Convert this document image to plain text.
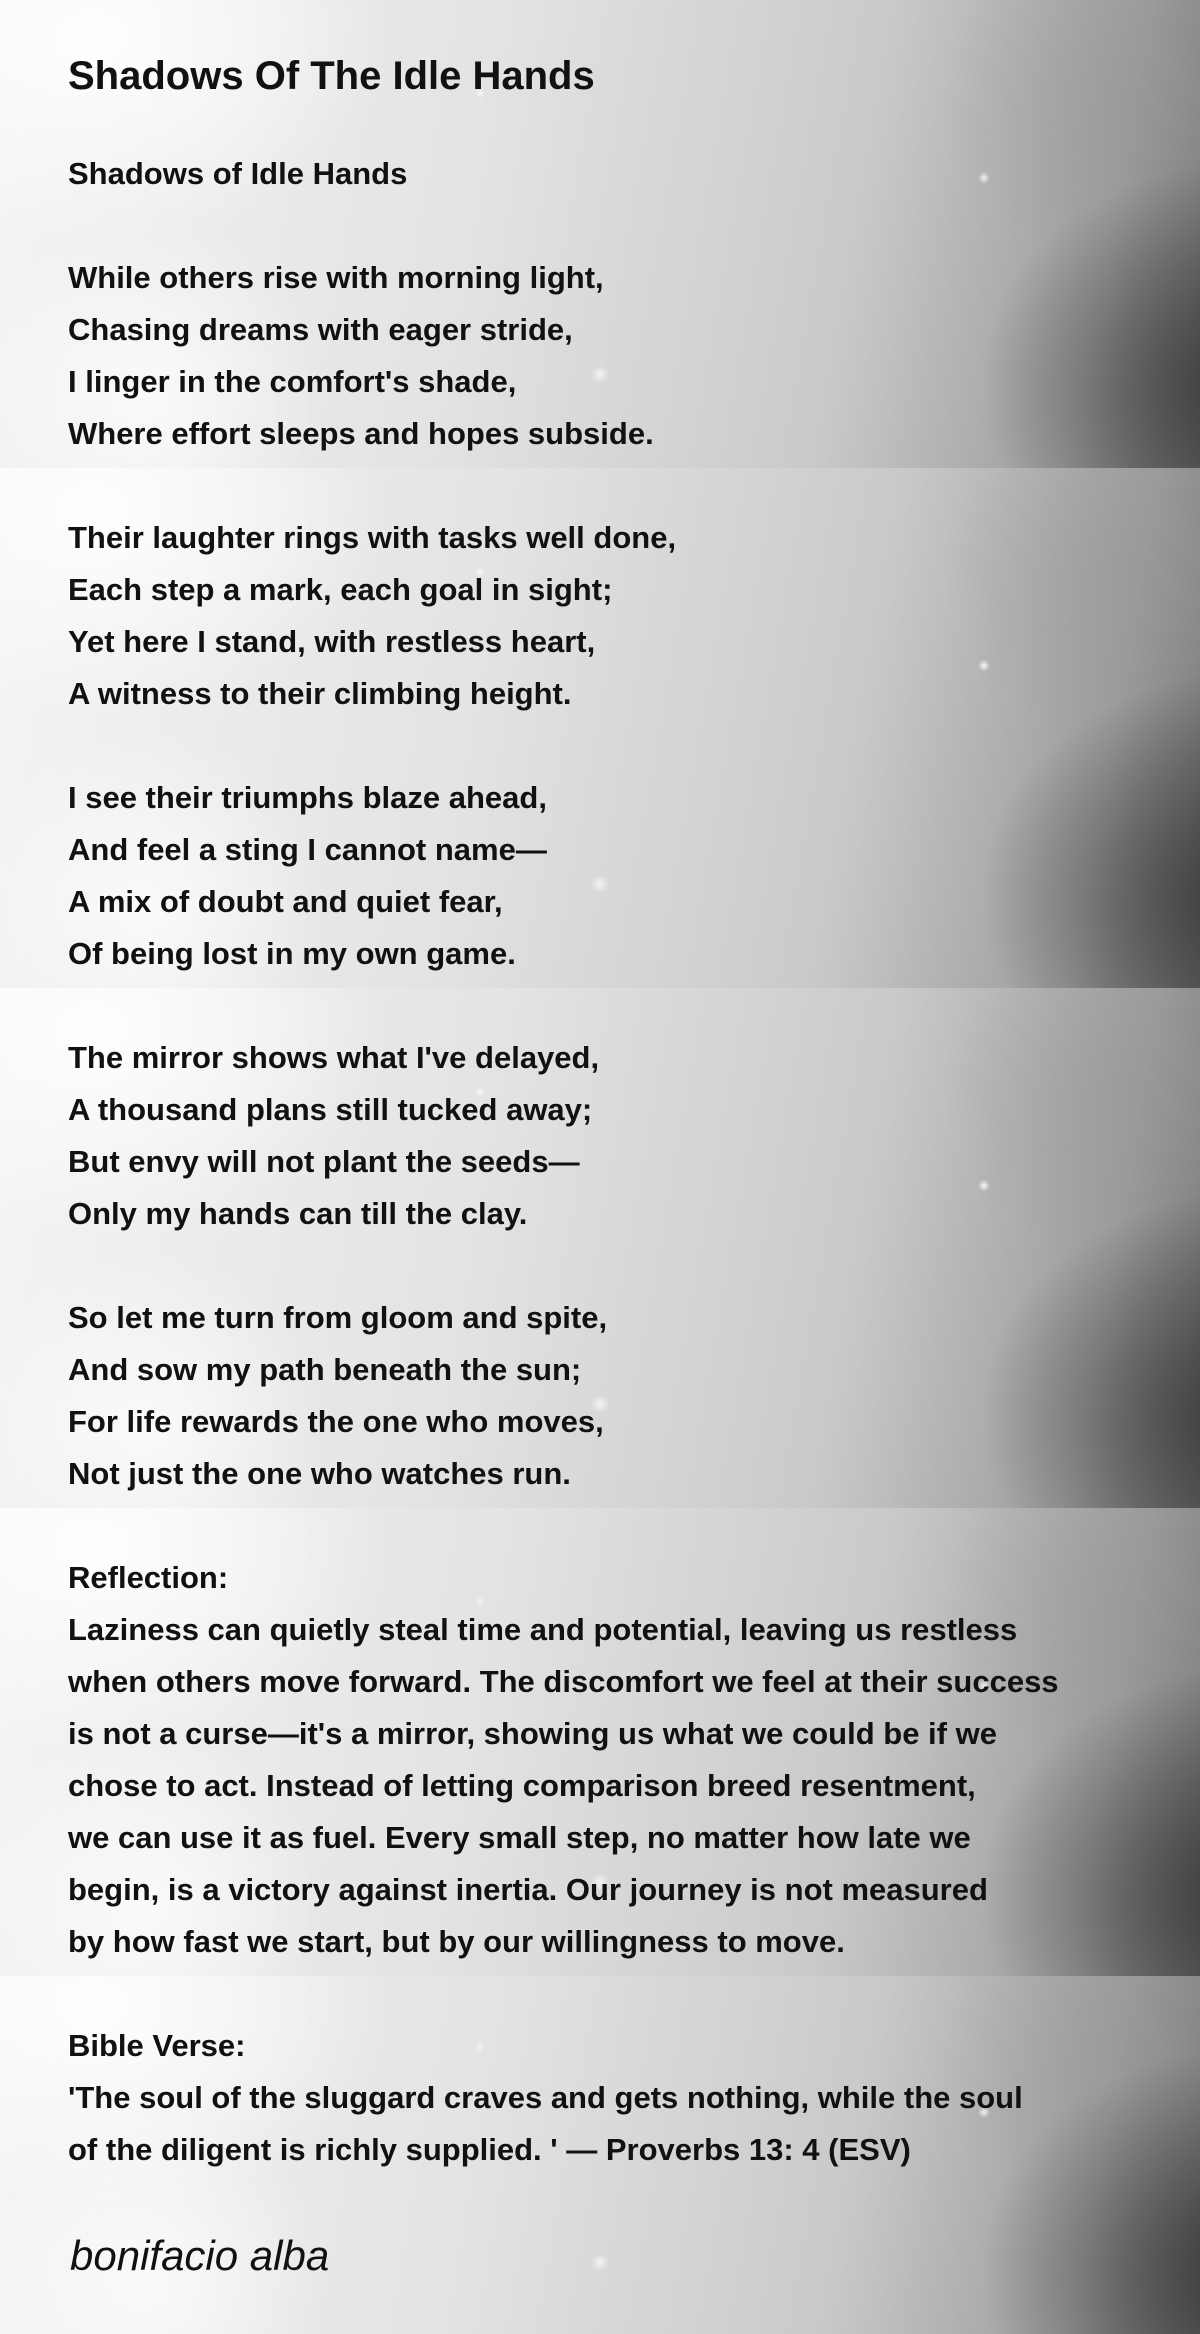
Shadows Of The Idle Hands
Shadows of Idle Hands
While others rise with morning light,
Chasing dreams with eager stride,
I linger in the comfort's shade,
Where effort sleeps and hopes subside.
Their laughter rings with tasks well done,
Each step a mark, each goal in sight;
Yet here I stand, with restless heart,
A witness to their climbing height.
I see their triumphs blaze ahead,
And feel a sting I cannot name—
A mix of doubt and quiet fear,
Of being lost in my own game.
The mirror shows what I've delayed,
A thousand plans still tucked away;
But envy will not plant the seeds—
Only my hands can till the clay.
So let me turn from gloom and spite,
And sow my path beneath the sun;
For life rewards the one who moves,
Not just the one who watches run.
Reflection:
Laziness can quietly steal time and potential, leaving us restless
when others move forward. The discomfort we feel at their success
is not a curse—it's a mirror, showing us what we could be if we
chose to act. Instead of letting comparison breed resentment,
we can use it as fuel. Every small step, no matter how late we
begin, is a victory against inertia. Our journey is not measured
by how fast we start, but by our willingness to move.
Bible Verse:
'The soul of the sluggard craves and gets nothing, while the soul
of the diligent is richly supplied. ' — Proverbs 13: 4 (ESV)
bonifacio alba
